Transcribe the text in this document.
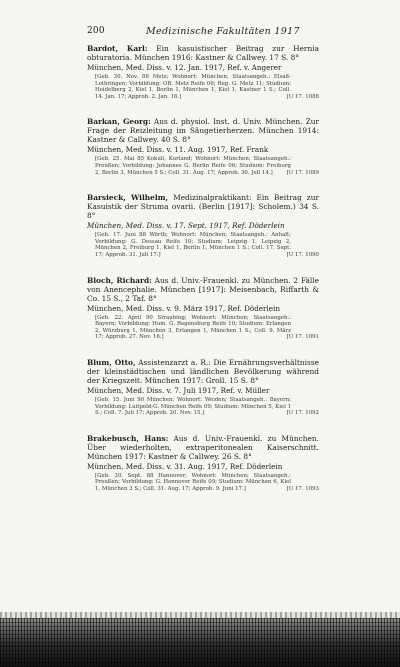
200	Medizinische Fakultäten 1917

Bardot, Karl: Ein kasuistischer Beitrag zur Hernia obturatoria. München 1916: Kastner & Callwey. 17 S. 8°

München, Med. Diss. v. 12. Jan. 1917, Ref. v. Angerer

[Geb. 30. Nov. 88 Metz; Wohnort: München; Staatsangeh.: Elsaß-Lothringen; Vorbildung: OR. Metz Reife 06; Reg. G. Metz 11; Studium: Heidelberg 2, Kiel 1, Berlin 1, München 1, Kiel 1, Kastner 1 S.; Coll. 14. Jan. 17; Approb. 2. Jan. 16.]	[U 17. 1088

Barkan, Georg: Aus d. physiol. Inst. d. Univ. München. Zur Frage der Reizleitung im Säugetierherzen. München 1914: Kastner & Callwey. 40 S. 8°

München, Med. Diss. v. 11. Aug. 1917, Ref. Frank

[Geb. 25. Mai 85 Kokuli, Kurland; Wohnort: München; Staatsangeh.: Preußen; Vorbildung: Johannes G. Berlin Reife 06; Studium: Freiburg 2, Berlin 3, München 5 S.; Coll. 31. Aug. 17; Approb. 30. Juli 14.]	[U 17. 1089

Barsieck, Wilhelm, Medizinalpraktikant: Ein Beitrag zur Kasuistik der Struma ovarii. (Berlin [1917]: Scholem.) 34 S. 8°

München, Med. Diss. v. 17. Sept. 1917, Ref. Döderlein

[Geb. 17. Juni 88 Wörth; Wohnort: München; Staatsangeh.: Anhalt; Vorbildung: G. Dessau Reife 10; Studium: Leipzig 1, Leipzig 2, München 2, Freiburg 1, Kiel 1, Berlin 1, München 1 S.; Coll. 17. Sept. 17; Approb. 31. Juli 17.]	[U 17. 1090

Bloch, Richard: Aus d. Univ.-Frauenkl. zu München. 2 Fälle von Anencephalie. München [1917]: Meisenbach, Riffarth & Co. 15 S., 2 Taf. 8°

München, Med. Diss. v. 9. März 1917, Ref. Döderlein

[Geb. 22. April 90 Straubing; Wohnort: München; Staatsangeh.: Bayern; Vorbildung: Hum. G. Regensburg Reife 10; Studium: Erlangen 2, Würzburg 1, München 3, Erlangen 1, München 1 S.; Coll. 9. März 17; Approb. 27. Nov. 16.]	[U 17. 1091

Blum, Otto, Assistenzarzt a. R.: Die Ernährungsverhältnisse der kleinstädtischen und ländlichen Bevölkerung während der Kriegszeit. München 1917: Groll. 15 S. 8°

München, Med. Diss. v. 7. Juli 1917, Ref. v. Müller

[Geb. 15. Juni 90 München; Wohnort: Weiden; Staatsangeh.: Bayern; Vorbildung: Luitpold-G. München Reife 09; Studium: München 5, Kiel 1 S.; Coll. 7. Juli 17; Approb. 20. Nov. 15.]	[U 17. 1092

Brakebusch, Hans: Aus d. Univ.-Frauenkl. zu München. Über wiederholten, extraperitonealen Kaiserschnitt. München 1917: Kastner & Callwey. 26 S. 8°

München, Med. Diss. v. 31. Aug. 1917, Ref. Döderlein

[Geb. 30. Sept. 88 Hannover; Wohnort: München; Staatsangeh.: Preußen; Vorbildung: G. Hannover Reife 09; Studium: München 6, Kiel 1, München 3 S.; Coll. 31. Aug. 17; Approb. 9. Juni 17.]	[U 17. 1093
